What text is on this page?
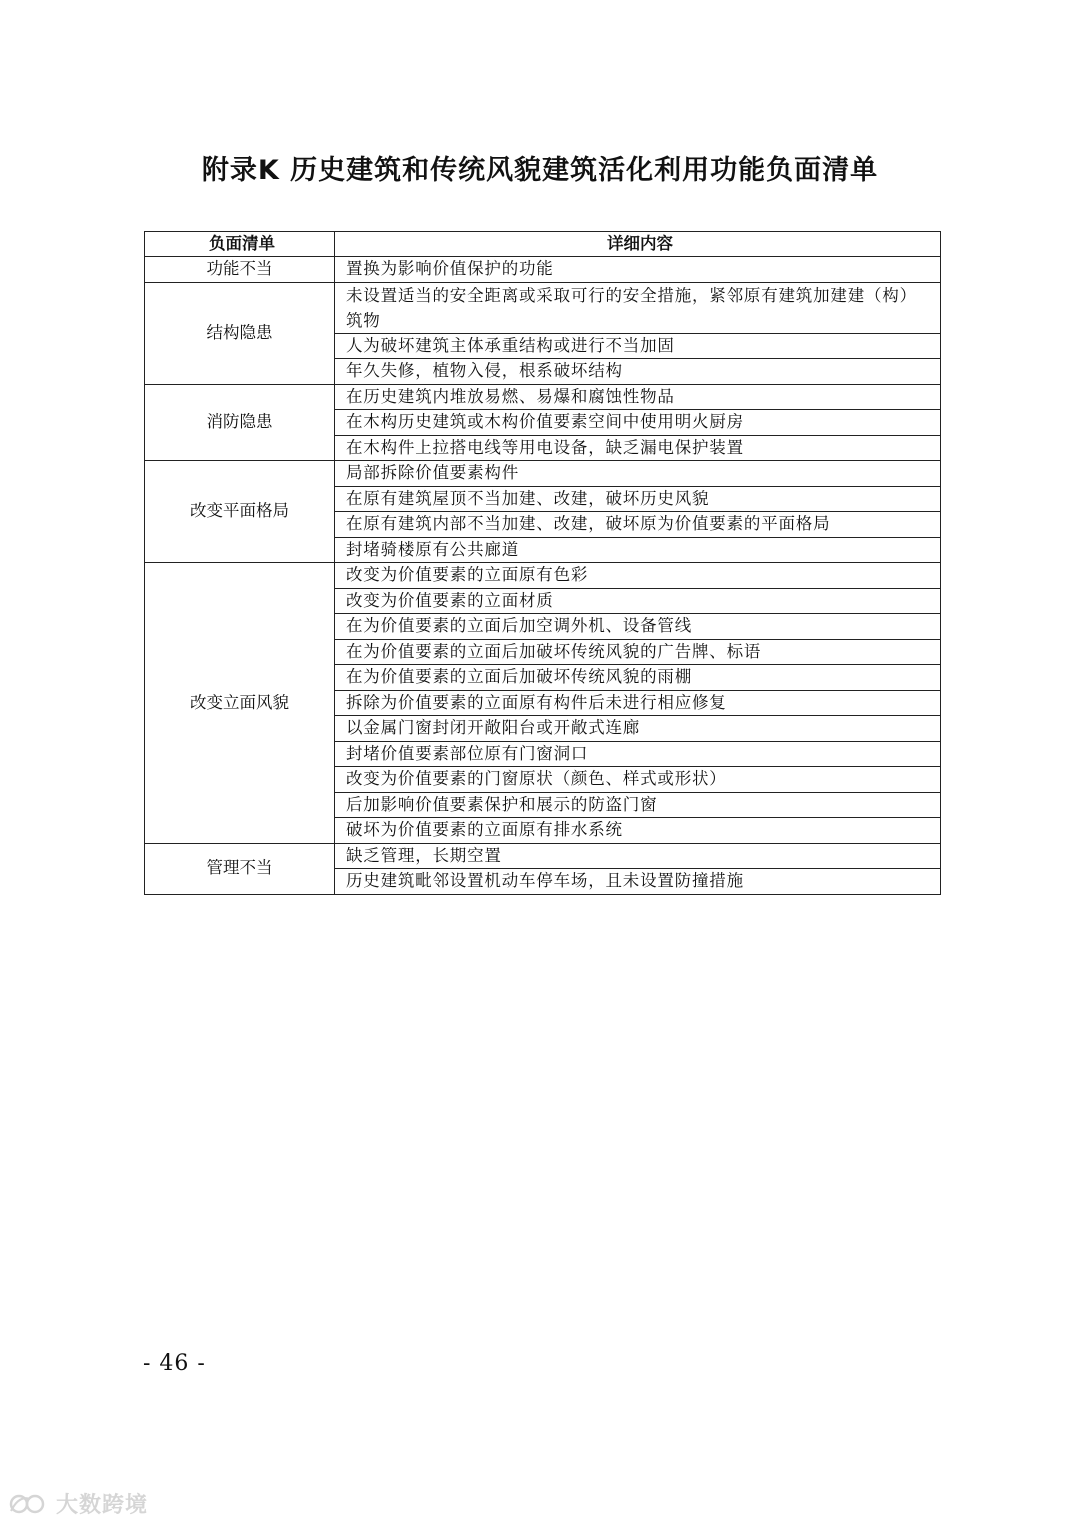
附录K 历史建筑和传统风貌建筑活化利用功能负面清单
负面清单	详细内容
功能不当	置换为影响价值保护的功能
结构隐患	未设置适当的安全距离或采取可行的安全措施，紧邻原有建筑加建建（构）筑物
	人为破坏建筑主体承重结构或进行不当加固
	年久失修，植物入侵，根系破坏结构
消防隐患	在历史建筑内堆放易燃、易爆和腐蚀性物品
	在木构历史建筑或木构价值要素空间中使用明火厨房
	在木构件上拉搭电线等用电设备，缺乏漏电保护装置
改变平面格局	局部拆除价值要素构件
	在原有建筑屋顶不当加建、改建，破坏历史风貌
	在原有建筑内部不当加建、改建，破坏原为价值要素的平面格局
	封堵骑楼原有公共廊道
改变立面风貌	改变为价值要素的立面原有色彩
	改变为价值要素的立面材质
	在为价值要素的立面后加空调外机、设备管线
	在为价值要素的立面后加破坏传统风貌的广告牌、标语
	在为价值要素的立面后加破坏传统风貌的雨棚
	拆除为价值要素的立面原有构件后未进行相应修复
	以金属门窗封闭开敞阳台或开敞式连廊
	封堵价值要素部位原有门窗洞口
	改变为价值要素的门窗原状（颜色、样式或形状）
	后加影响价值要素保护和展示的防盗门窗
	破坏为价值要素的立面原有排水系统
管理不当	缺乏管理，长期空置
	历史建筑毗邻设置机动车停车场，且未设置防撞措施
- 46 -
大数跨境
